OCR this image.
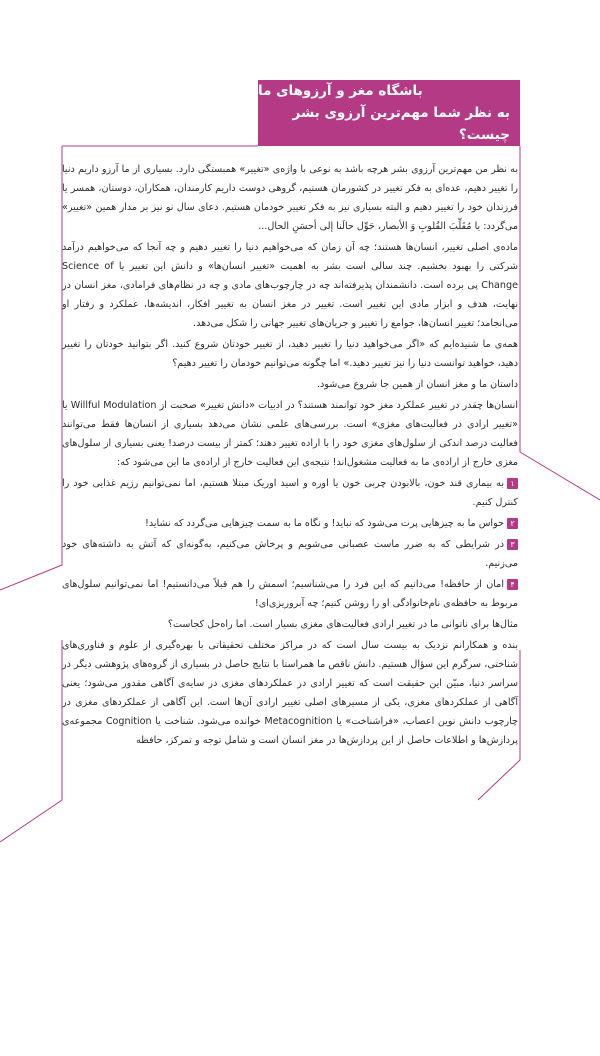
باشگاه مغز و آرزوهای ما
به نظر شما مهم‌ترین آرزوی بشر چیست؟

به نظر من مهم‌ترین آرزوی بشر هرچه باشد به نوعی با واژه‌ی «تغییر» همبستگی دارد. بسیاری از ما آرزو داریم دنیا را تغییر دهیم، عده‌ای به فکر تغییر در کشورمان هستیم، گروهی دوست داریم کارمندان، همکاران، دوستان، همسر یا فرزندان خود را تغییر دهیم و البته بسیاری نیز به فکر تغییر خودمان هستیم. دعای سال نو نیز بر مدار همین «تغییر» می‌گردد: یا مُقَلِّبَ القُلوبِ وَ الأبصار، حَوِّل حالَنا إلی أحسَنِ الحال...

ماده‌ی اصلی تغییر، انسان‌ها هستند؛ چه آن زمان که می‌خواهیم دنیا را تغییر دهیم و چه آنجا که می‌خواهیم درآمد شرکتی را بهبود بخشیم. چند سالی است بشر به اهمیت «تغییر انسان‌ها» و دانش این تغییر یا Science of Change پی برده است. دانشمندان پذیرفته‌اند چه در چارچوب‌های مادی و چه در نظام‌های فرامادی، مغز انسان در نهایت، هدف و ابزار مادی این تغییر است. تغییر در مغز انسان به تغییر افکار، اندیشه‌ها، عملکرد و رفتار او می‌انجامد؛ تغییر انسان‌ها، جوامع را تغییر و جریان‌های تغییر جهانی را شکل می‌دهد.

همه‌ی ما شنیده‌ایم که «اگر می‌خواهید دنیا را تغییر دهید، از تغییر خودتان شروع کنید. اگر بتوانید خودتان را تغییر دهید، خواهید توانست دنیا را نیز تغییر دهید.» اما چگونه می‌توانیم خودمان را تغییر دهیم؟

داستان ما و مغز انسان از همین جا شروع می‌شود.

انسان‌ها چقدر در تغییر عملکرد مغز خود توانمند هستند؟ در ادبیات «دانش تغییر» صحبت از Willful Modulation یا «تغییر ارادی در فعالیت‌های مغزی» است. بررسی‌های علمی نشان می‌دهد بسیاری از انسان‌ها فقط می‌توانند فعالیت درصد اندکی از سلول‌های مغزی خود را با اراده تغییر دهند؛ کمتر از بیست درصد! یعنی بسیاری از سلول‌های مغزی خارج از اراده‌ی ما به فعالیت مشغول‌اند! نتیجه‌ی این فعالیت خارج از اراده‌ی ما این می‌شود که:

۱به بیماری قند خون، بالابودن چربی خون یا اوره و اسید اوریک مبتلا هستیم، اما نمی‌توانیم رژیم غذایی خود را کنترل کنیم.

۲حواس ما به چیزهایی پرت می‌شود که نباید! و نگاه ما به سمت چیزهایی می‌گردد که نشاید!

۳در شرایطی که به ضرر ماست عصبانی می‌شویم و پرخاش می‌کنیم، به‌گونه‌ای که آتش به داشته‌های خود می‌زنیم.

۴امان از حافظه! می‌دانیم که این فرد را می‌شناسیم؛ اسمش را هم قبلاً می‌دانستیم! اما نمی‌توانیم سلول‌های مربوط به حافظه‌ی نام‌خانوادگی او را روشن کنیم؛ چه آبروریزی‌ای!

مثال‌ها برای ناتوانی ما در تغییر ارادی فعالیت‌های مغزی بسیار است. اما راه‌حل کجاست؟

بنده و همکارانم نزدیک به بیست سال است که در مراکز مختلف تحقیقاتی با بهره‌گیری از علوم و فناوری‌های شناختی، سرگرم این سؤال هستیم. دانش ناقص ما همراستا با نتایج حاصل در بسیاری از گروه‌های پژوهشی دیگر در سراسر دنیا، مبیّن این حقیقت است که تغییر ارادی در عملکردهای مغزی در سایه‌ی آگاهی مقدور می‌شود؛ یعنی آگاهی از عملکردهای مغزی، یکی از مسیرهای اصلی تغییر ارادی آن‌ها است. این آگاهی از عملکردهای مغزی در چارچوب دانش نوین اعصاب، «فراشناخت» یا Metacognition خوانده می‌شود. شناخت یا Cognition مجموعه‌ی پردازش‌ها و اطلاعات حاصل از این پردازش‌ها در مغز انسان است و شامل توجه و تمرکز، حافظه
